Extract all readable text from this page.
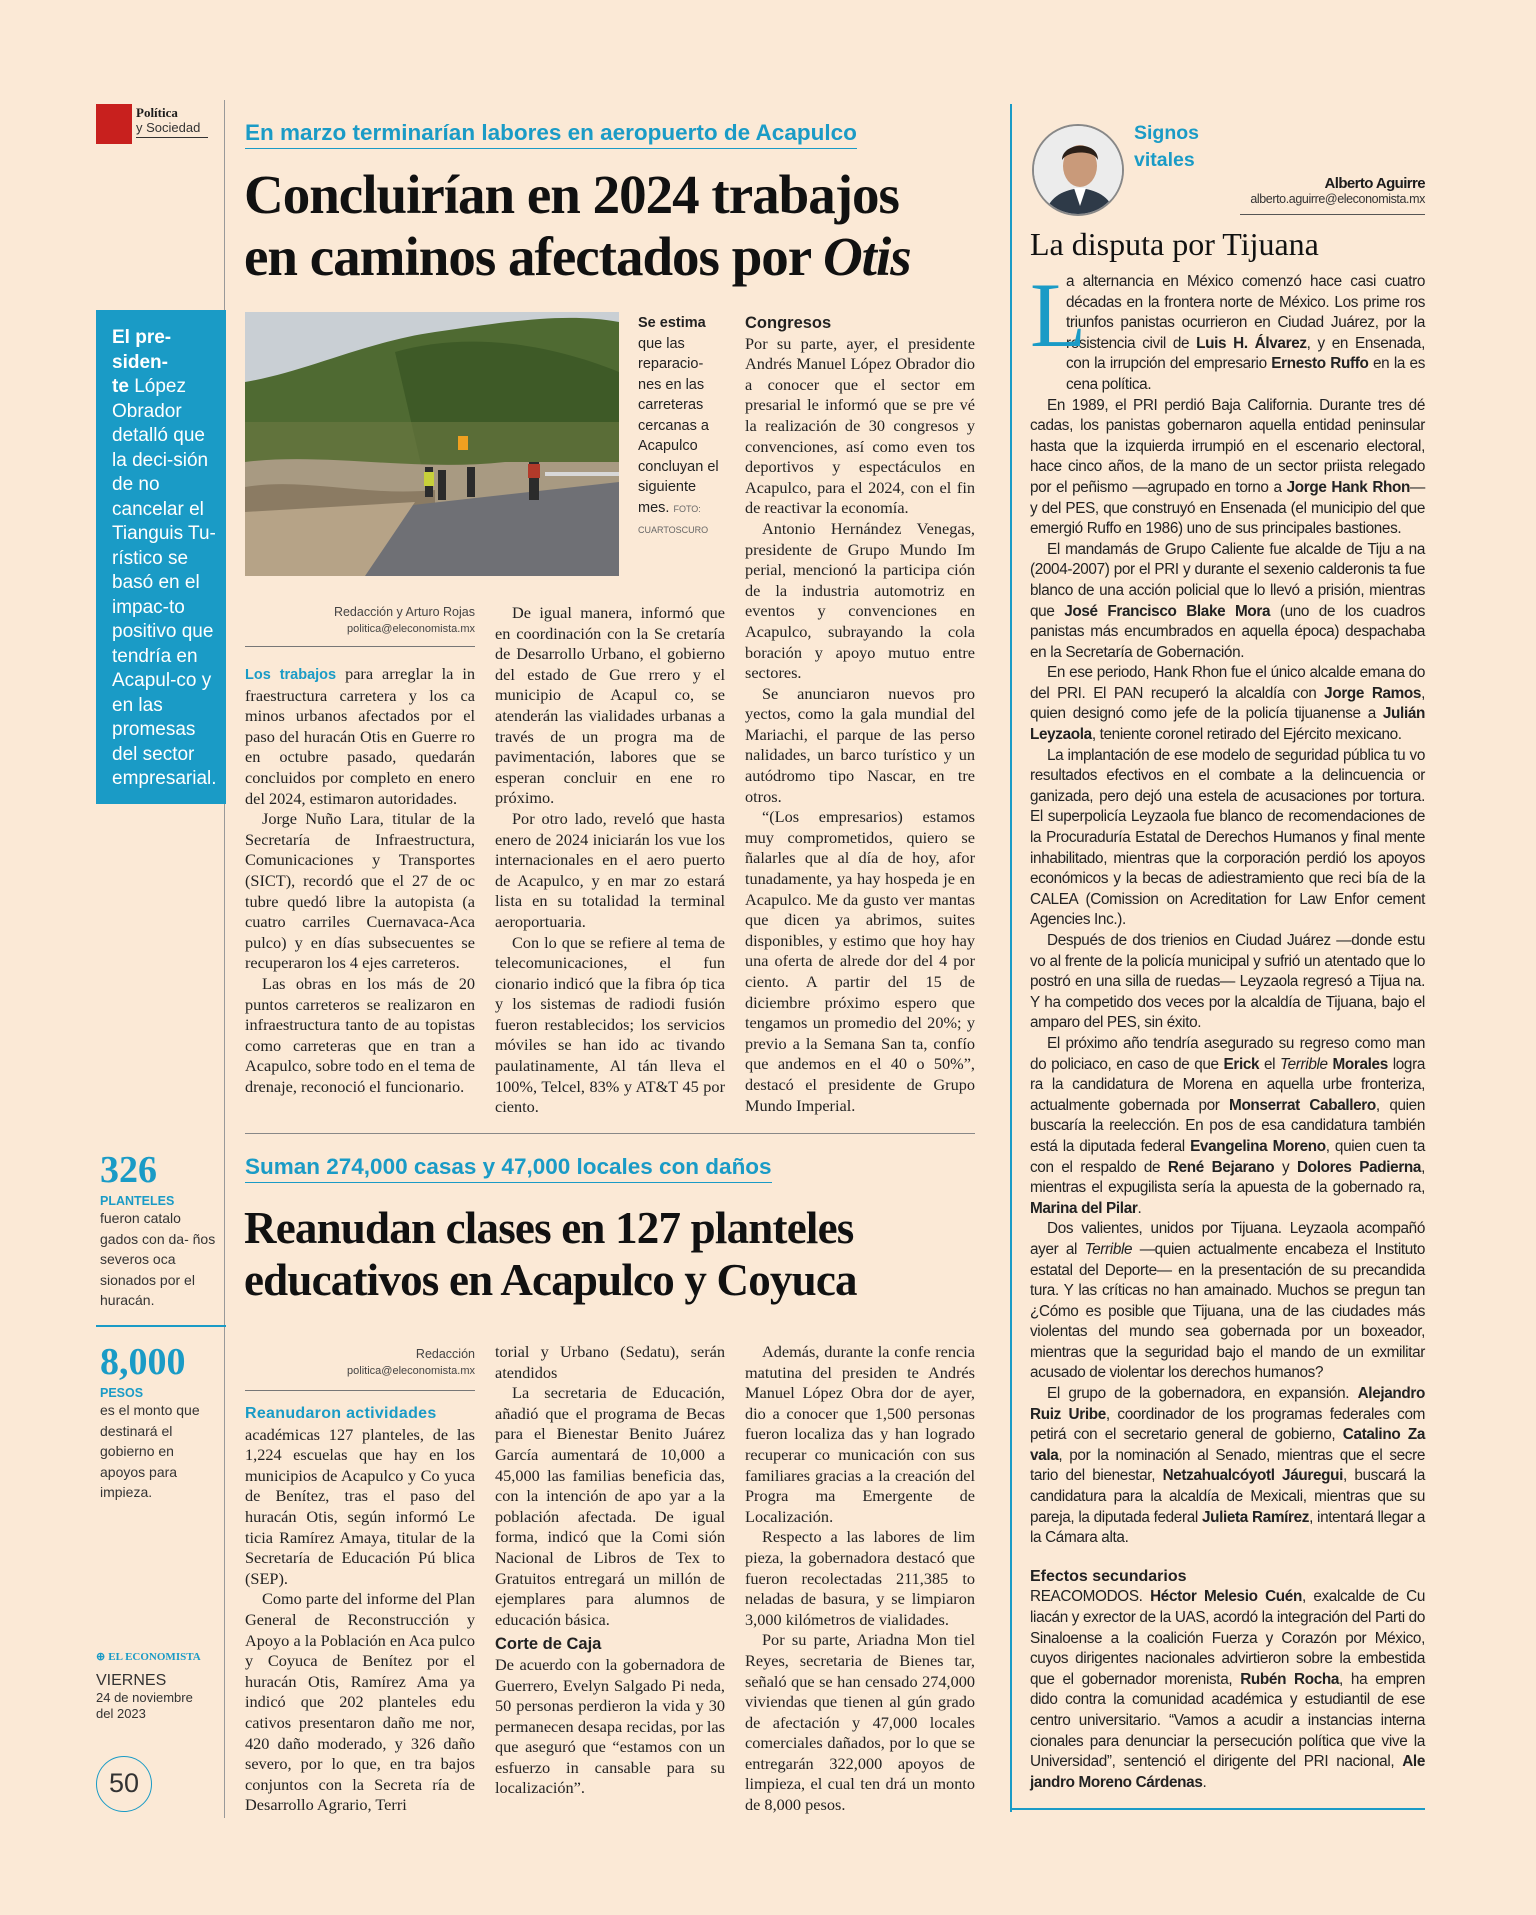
Política
y Sociedad	En marzo terminarían labores en aeropuerto de Acapulco
Concluirían en 2024 trabajos
en caminos afectados por Otis
El pre-
siden-
te López Obrador detalló que la deci-sión de no cancelar el Tianguis Tu-rístico se basó en el impac-to positivo que tendría en Acapul-co y en las promesas del sector empresarial.
Se estima que las reparacio-nes en las carreteras cercanas a Acapulco concluyan el siguiente mes. FOTO: CUARTOSCURO
Redacción y Arturo Rojas
politica@eleconomista.mx

Los trabajos para arreglar la in fraestructura carretera y los ca minos urbanos afectados por el paso del huracán Otis en Guerre ro en octubre pasado, quedarán concluidos por completo en enero del 2024, estimaron autoridades.

Jorge Nuño Lara, titular de la Secretaría de Infraestructura, Comunicaciones y Transportes (SICT), recordó que el 27 de oc tubre quedó libre la autopista (a cuatro carriles Cuernavaca-Aca pulco) y en días subsecuentes se recuperaron los 4 ejes carreteros.

Las obras en los más de 20 puntos carreteros se realizaron en infraestructura tanto de au topistas como carreteras que en tran a Acapulco, sobre todo en el tema de drenaje, reconoció el funcionario.

De igual manera, informó que en coordinación con la Se cretaría de Desarrollo Urbano, el gobierno del estado de Gue rrero y el municipio de Acapul co, se atenderán las vialidades urbanas a través de un progra ma de pavimentación, labores que se esperan concluir en ene ro próximo.

Por otro lado, reveló que hasta enero de 2024 iniciarán los vue los internacionales en el aero puerto de Acapulco, y en mar zo estará lista en su totalidad la terminal aeroportuaria.

Con lo que se refiere al tema de telecomunicaciones, el fun cionario indicó que la fibra óp tica y los sistemas de radiodi fusión fueron restablecidos; los servicios móviles se han ido ac tivando paulatinamente, Al tán lleva el 100%, Telcel, 83% y AT&T 45 por ciento.

Congresos

Por su parte, ayer, el presidente Andrés Manuel López Obrador dio a conocer que el sector em presarial le informó que se pre vé la realización de 30 congresos y convenciones, así como even tos deportivos y espectáculos en Acapulco, para el 2024, con el fin de reactivar la economía.

Antonio Hernández Venegas, presidente de Grupo Mundo Im perial, mencionó la participa ción de la industria automotriz en eventos y convenciones en Acapulco, subrayando la cola boración y apoyo mutuo entre sectores.

Se anunciaron nuevos pro yectos, como la gala mundial del Mariachi, el parque de las perso nalidades, un barco turístico y un autódromo tipo Nascar, en tre otros.

“(Los empresarios) estamos muy comprometidos, quiero se ñalarles que al día de hoy, afor tunadamente, ya hay hospeda je en Acapulco. Me da gusto ver mantas que dicen ya abrimos, suites disponibles, y estimo que hoy hay una oferta de alrede dor del 4 por ciento. A partir del 15 de diciembre próximo espero que tengamos un promedio del 20%; y previo a la Semana San ta, confío que andemos en el 40 o 50%”, destacó el presidente de Grupo Mundo Imperial.

Suman 274,000 casas y 47,000 locales con daños
Reanudan clases en 127 planteles
educativos en Acapulco y Coyuca
326
PLANTELES
fueron catalo gados con da- ños severos oca sionados por el huracán.
8,000
PESOS
es el monto que destinará el gobierno en apoyos para impieza.
Redacción
politica@eleconomista.mx
Reanudaron actividades

académicas 127 planteles, de las 1,224 escuelas que hay en los municipios de Acapulco y Co yuca de Benítez, tras el paso del huracán Otis, según informó Le ticia Ramírez Amaya, titular de la Secretaría de Educación Pú blica (SEP).

Como parte del informe del Plan General de Reconstrucción y Apoyo a la Población en Aca pulco y Coyuca de Benítez por el huracán Otis, Ramírez Ama ya indicó que 202 planteles edu cativos presentaron daño me nor, 420 daño moderado, y 326 daño severo, por lo que, en tra bajos conjuntos con la Secreta ría de Desarrollo Agrario, Terri

torial y Urbano (Sedatu), serán atendidos

La secretaria de Educación, añadió que el programa de Becas para el Bienestar Benito Juárez García aumentará de 10,000 a 45,000 las familias beneficia das, con la intención de apo yar a la población afectada. De igual forma, indicó que la Comi sión Nacional de Libros de Tex to Gratuitos entregará un millón de ejemplares para alumnos de educación básica.

Corte de Caja

De acuerdo con la gobernadora de Guerrero, Evelyn Salgado Pi neda, 50 personas perdieron la vida y 30 permanecen desapa recidas, por las que aseguró que “estamos con un esfuerzo in cansable para su localización”.

Además, durante la confe rencia matutina del presiden te Andrés Manuel López Obra dor de ayer, dio a conocer que 1,500 personas fueron localiza das y han logrado recuperar co municación con sus familiares gracias a la creación del Progra ma Emergente de Localización.

Respecto a las labores de lim pieza, la gobernadora destacó que fueron recolectadas 211,385 to neladas de basura, y se limpiaron 3,000 kilómetros de vialidades.

Por su parte, Ariadna Mon tiel Reyes, secretaria de Bienes tar, señaló que se han censado 274,000 viviendas que tienen al gún grado de afectación y 47,000 locales comerciales dañados, por lo que se entregarán 322,000 apoyos de limpieza, el cual ten drá un monto de 8,000 pesos.

⊕ EL ECONOMISTA
VIERNES
24 de noviembre
del 2023
50
Signos
vitales
Alberto Aguirre
alberto.aguirre@eleconomista.mx
La disputa por Tijuana
L
a alternancia en México comenzó hace casi cuatro décadas en la frontera norte de México. Los prime ros triunfos panistas ocurrieron en Ciudad Juárez, por la resistencia civil de Luis H. Álvarez, y en Ensenada, con la irrupción del empresario Ernesto Ruffo en la es cena política.

En 1989, el PRI perdió Baja California. Durante tres dé cadas, los panistas gobernaron aquella entidad peninsular hasta que la izquierda irrumpió en el escenario electoral, hace cinco años, de la mano de un sector priista relegado por el peñismo —agrupado en torno a Jorge Hank Rhon— y del PES, que construyó en Ensenada (el municipio del que emergió Ruffo en 1986) uno de sus principales bastiones.

El mandamás de Grupo Caliente fue alcalde de Tiju a na (2004-2007) por el PRI y durante el sexenio calderonis ta fue blanco de una acción policial que lo llevó a prisión, mientras que José Francisco Blake Mora (uno de los cuadros panistas más encumbrados en aquella época) despachaba en la Secretaría de Gobernación.

En ese periodo, Hank Rhon fue el único alcalde emana do del PRI. El PAN recuperó la alcaldía con Jorge Ramos, quien designó como jefe de la policía tijuanense a Julián Leyzaola, teniente coronel retirado del Ejército mexicano.

La implantación de ese modelo de seguridad pública tu vo resultados efectivos en el combate a la delincuencia or ganizada, pero dejó una estela de acusaciones por tortura. El superpolicía Leyzaola fue blanco de recomendaciones de la Procuraduría Estatal de Derechos Humanos y final mente inhabilitado, mientras que la corporación perdió los apoyos económicos y la becas de adiestramiento que reci bía de la CALEA (Comission on Acreditation for Law Enfor cement Agencies Inc.).

Después de dos trienios en Ciudad Juárez —donde estu vo al frente de la policía municipal y sufrió un atentado que lo postró en una silla de ruedas— Leyzaola regresó a Tijua na. Y ha competido dos veces por la alcaldía de Tijuana, bajo el amparo del PES, sin éxito.

El próximo año tendría asegurado su regreso como man do policiaco, en caso de que Erick el Terrible Morales logra ra la candidatura de Morena en aquella urbe fronteriza, actualmente gobernada por Monserrat Caballero, quien buscaría la reelección. En pos de esa candidatura también está la diputada federal Evangelina Moreno, quien cuen ta con el respaldo de René Bejarano y Dolores Padierna, mientras el expugilista sería la apuesta de la gobernado ra, Marina del Pilar.

Dos valientes, unidos por Tijuana. Leyzaola acompañó ayer al Terrible —quien actualmente encabeza el Instituto estatal del Deporte— en la presentación de su precandida tura. Y las críticas no han amainado. Muchos se pregun tan ¿Cómo es posible que Tijuana, una de las ciudades más violentas del mundo sea gobernada por un boxeador, mientras que la seguridad bajo el mando de un exmilitar acusado de violentar los derechos humanos?

El grupo de la gobernadora, en expansión. Alejandro Ruiz Uribe, coordinador de los programas federales com petirá con el secretario general de gobierno, Catalino Za vala, por la nominación al Senado, mientras que el secre tario del bienestar, Netzahualcóyotl Jáuregui, buscará la candidatura para la alcaldía de Mexicali, mientras que su pareja, la diputada federal Julieta Ramírez, intentará llegar a la Cámara alta.

Efectos secundarios

REACOMODOS. Héctor Melesio Cuén, exalcalde de Cu liacán y exrector de la UAS, acordó la integración del Parti do Sinaloense a la coalición Fuerza y Corazón por México, cuyos dirigentes nacionales advirtieron sobre la embestida que el gobernador morenista, Rubén Rocha, ha empren dido contra la comunidad académica y estudiantil de ese centro universitario. “Vamos a acudir a instancias interna cionales para denunciar la persecución política que vive la Universidad”, sentenció el dirigente del PRI nacional, Ale jandro Moreno Cárdenas.
